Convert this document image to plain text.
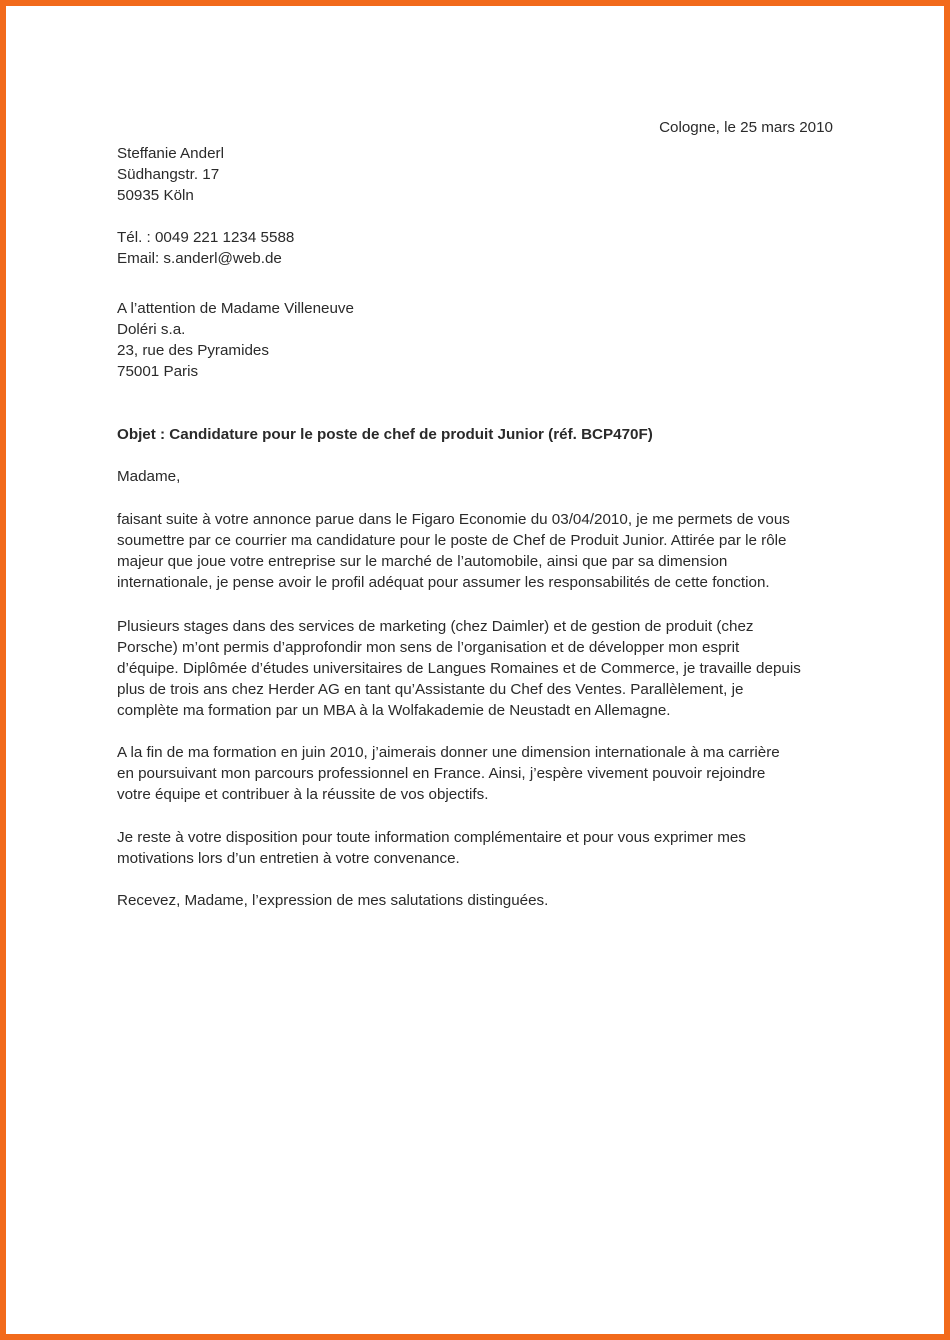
Cologne, le 25 mars 2010
Steffanie Anderl
Südhangstr. 17
50935 Köln
Tél. : 0049 221 1234 5588
Email: s.anderl@web.de
A l’attention de Madame Villeneuve
Doléri s.a.
23, rue des Pyramides
75001 Paris
Objet : Candidature pour le poste de chef de produit Junior (réf. BCP470F)
Madame,
faisant suite à votre annonce parue dans le Figaro Economie du 03/04/2010, je me permets de vous
soumettre par ce courrier ma candidature pour le poste de Chef de Produit Junior. Attirée par le rôle
majeur que joue votre entreprise sur le marché de l’automobile, ainsi que par sa dimension
internationale, je pense avoir le profil adéquat pour assumer les responsabilités de cette fonction.
Plusieurs stages dans des services de marketing (chez Daimler) et de gestion de produit (chez
Porsche) m’ont permis d’approfondir mon sens de l’organisation et de développer mon esprit
d’équipe. Diplômée d’études universitaires de Langues Romaines et de Commerce, je travaille depuis
plus de trois ans chez Herder AG en tant qu’Assistante du Chef des Ventes. Parallèlement, je
complète ma formation par un MBA à la Wolfakademie de Neustadt en Allemagne.
A la fin de ma formation en juin 2010, j’aimerais donner une dimension internationale à ma carrière
en poursuivant mon parcours professionnel en France. Ainsi, j’espère vivement pouvoir rejoindre
votre équipe et contribuer à la réussite de vos objectifs.
Je reste à votre disposition pour toute information complémentaire et pour vous exprimer mes
motivations lors d’un entretien à votre convenance.
Recevez, Madame, l’expression de mes salutations distinguées.
